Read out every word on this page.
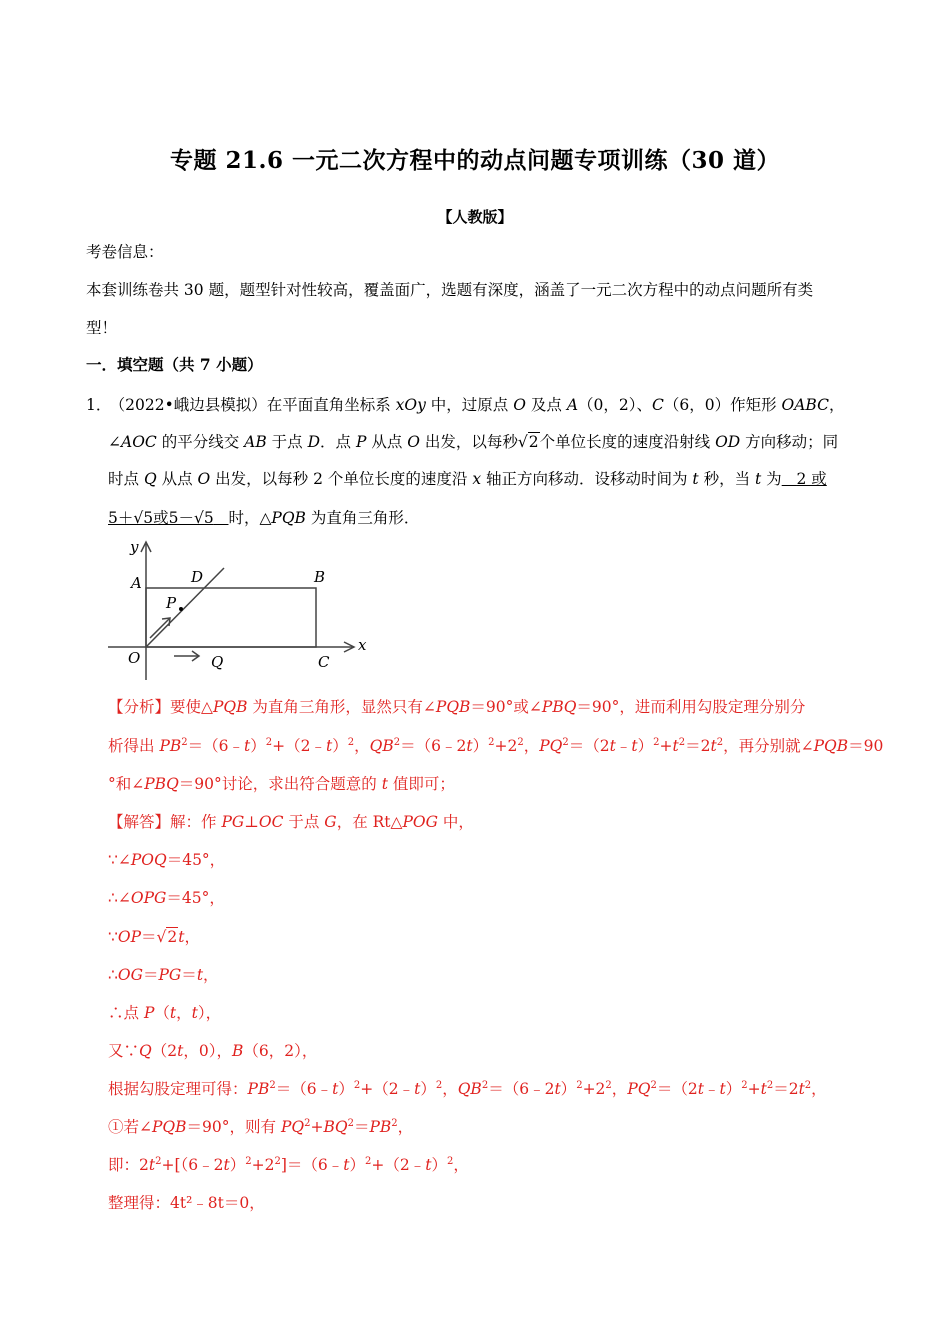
专题 21.6 一元二次方程中的动点问题专项训练（30 道）
【人教版】
考卷信息：
本套训练卷共 30 题，题型针对性较高，覆盖面广，选题有深度，涵盖了一元二次方程中的动点问题所有类
型！
一．填空题（共 7 小题）
1． （2022•峨边县模拟）在平面直角坐标系 xOy 中，过原点 O 及点 A（0，2）、C（6，0）作矩形 OABC，
∠AOC 的平分线交 AB 于点 D．点 P 从点 O 出发，以每秒√2个单位长度的速度沿射线 OD 方向移动；同
时点 Q 从点 O 出发，以每秒 2 个单位长度的速度沿 x 轴正方向移动．设移动时间为 t 秒，当 t 为 2 或
5＋√5或5－√5 时，△PQB 为直角三角形．
y
x
A	D	B
P
O	Q	C
【分析】要使△PQB 为直角三角形，显然只有∠PQB＝90°或∠PBQ＝90°，进而利用勾股定理分别分
析得出 $PB^2=(6﹣t)^2+(2﹣t)^2$，$QB^2=(6﹣2t)^2+2^2$，$PQ^2=(2t﹣t)^2+t^2=2t^2$，再分别就∠PQB＝90
°和∠PBQ＝90°讨论，求出符合题意的 t 值即可；
【解答】解：作 PG⊥OC 于点 G，在 Rt△POG 中，
∵∠POQ＝45°，
∴∠OPG＝45°，
∵OP＝√2t，
∴OG＝PG＝t，
∴点 P（t，t），
又∵Q（2t，0），B（6，2），
根据勾股定理可得：$PB^2=(6﹣t)^2+(2﹣t)^2$，$QB^2=(6﹣2t)^2+2^2$，$PQ^2=(2t﹣t)^2+t^2=2t^2$，
①若∠PQB＝90°，则有 $PQ^2+BQ^2=PB^2$，
即：$2t^2+[(6﹣2t)^2+2^2]=(6﹣t)^2+(2﹣t)^2$，
整理得：4t²﹣8t＝0，
